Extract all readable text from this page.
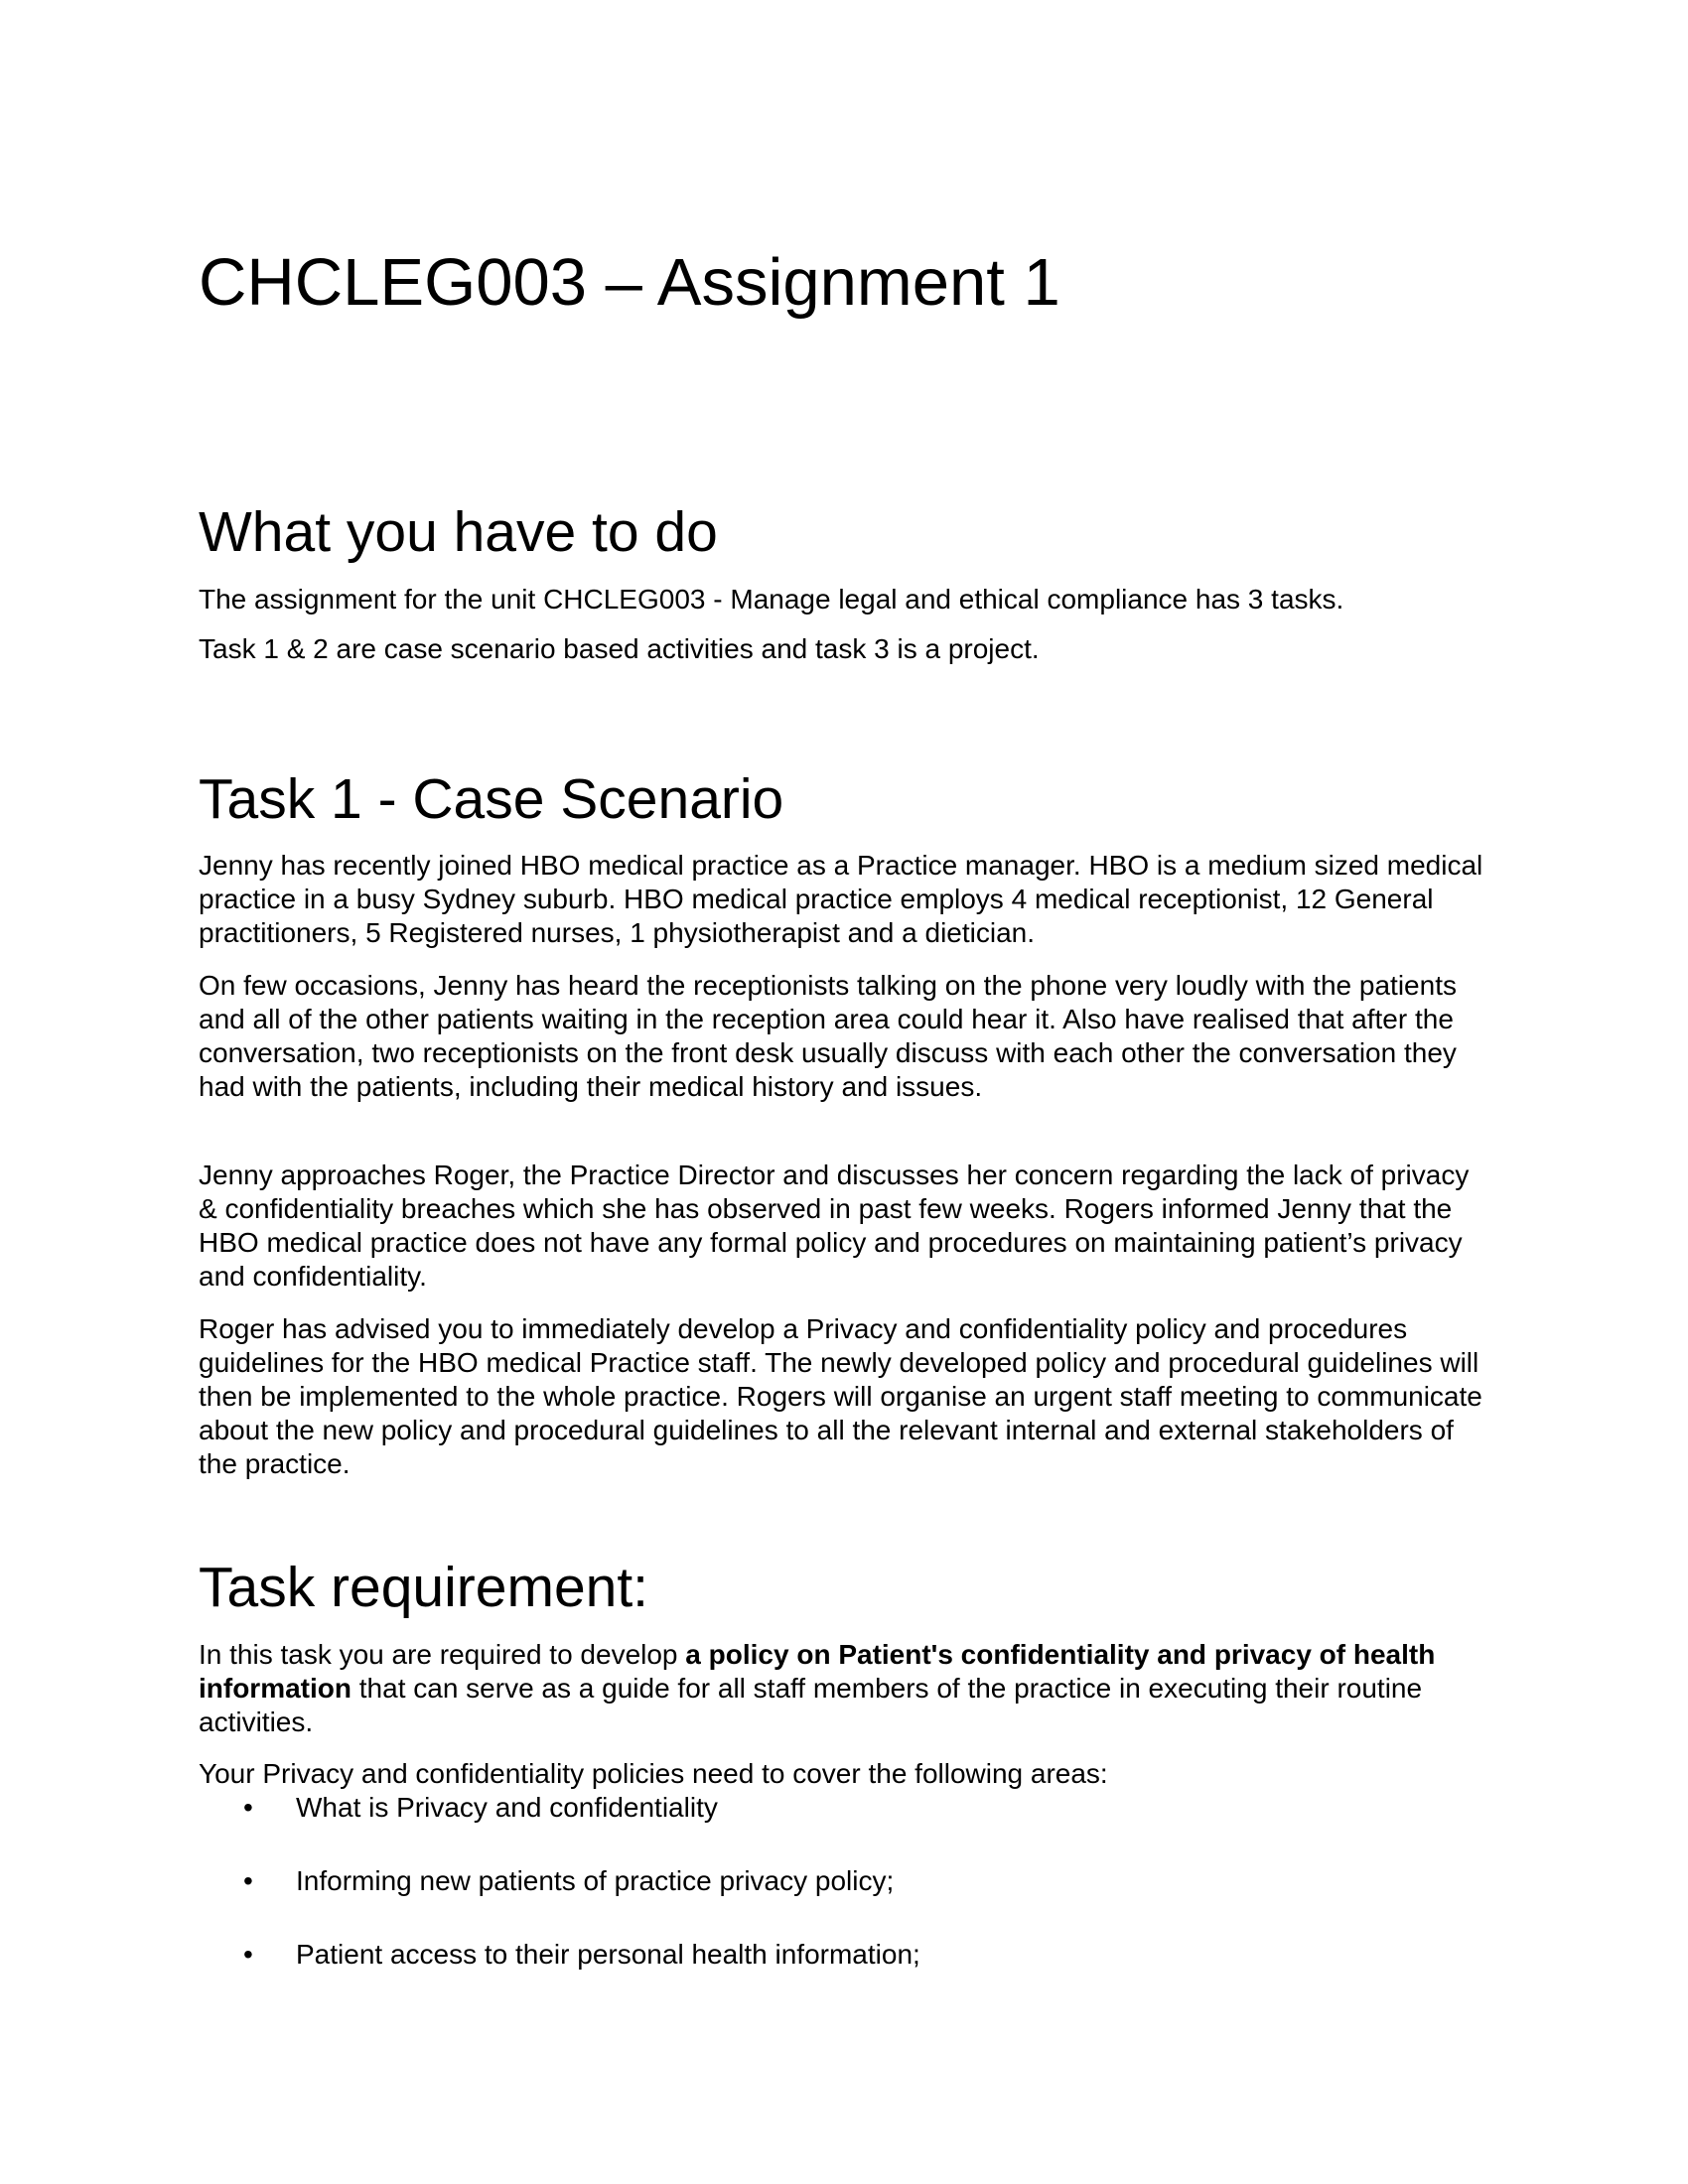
CHCLEG003 – Assignment 1
What you have to do

The assignment for the unit CHCLEG003 - Manage legal and ethical compliance has 3 tasks.

Task 1 & 2 are case scenario based activities and task 3 is a project.

Task 1 - Case Scenario

Jenny has recently joined HBO medical practice as a Practice manager. HBO is a medium sized medical practice in a busy Sydney suburb. HBO medical practice employs 4 medical receptionist, 12 General practitioners, 5 Registered nurses, 1 physiotherapist and a dietician.

On few occasions, Jenny has heard the receptionists talking on the phone very loudly with the patients and all of the other patients waiting in the reception area could hear it. Also have realised that after the conversation, two receptionists on the front desk usually discuss with each other the conversation they had with the patients, including their medical history and issues.

Jenny approaches Roger, the Practice Director and discusses her concern regarding the lack of privacy & confidentiality breaches which she has observed in past few weeks. Rogers informed Jenny that the HBO medical practice does not have any formal policy and procedures on maintaining patient’s privacy and confidentiality.

Roger has advised you to immediately develop a Privacy and confidentiality policy and procedures guidelines for the HBO medical Practice staff. The newly developed policy and procedural guidelines will then be implemented to the whole practice. Rogers will organise an urgent staff meeting to communicate about the new policy and procedural guidelines to all the relevant internal and external stakeholders of the practice.

Task requirement:

In this task you are required to develop a policy on Patient's confidentiality and privacy of health information that can serve as a guide for all staff members of the practice in executing their routine activities.

Your Privacy and confidentiality policies need to cover the following areas:

• What is Privacy and confidentiality
• Informing new patients of practice privacy policy;
• Patient access to their personal health information;
